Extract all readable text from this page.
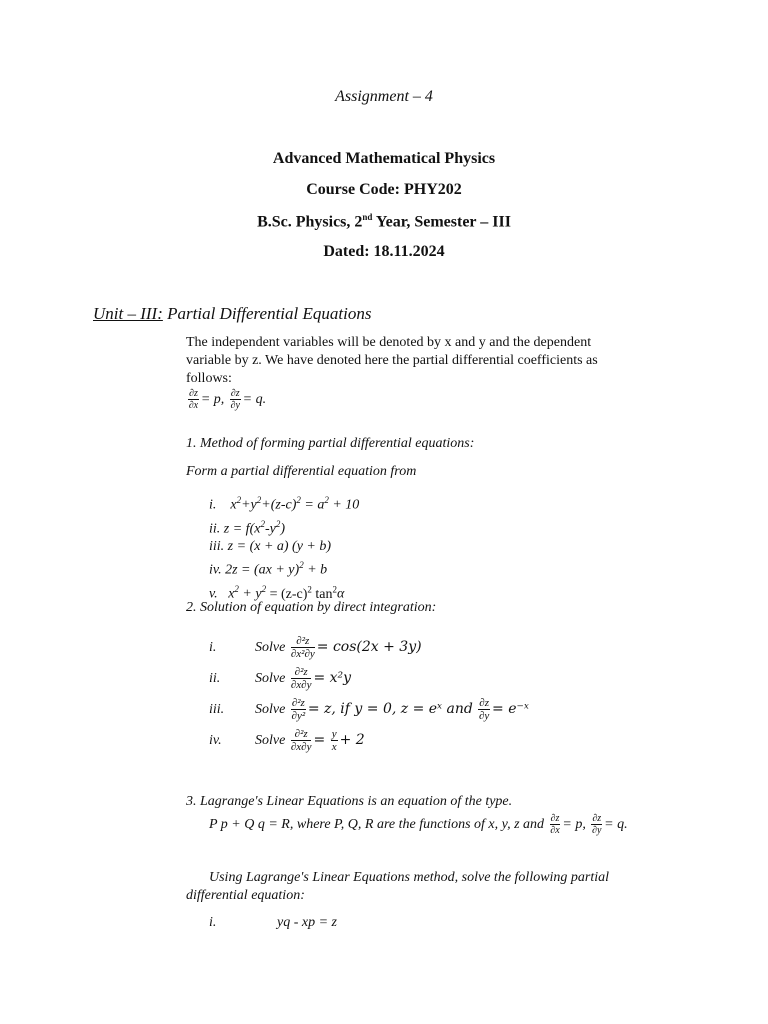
Assignment – 4
Advanced Mathematical Physics
Course Code: PHY202
B.Sc. Physics, 2nd Year, Semester – III
Dated: 18.11.2024
Unit – III: Partial Differential Equations
The independent variables will be denoted by x and y and the dependent
variable by z. We have denoted here the partial differential coefficients as
follows:
$\frac{\partial z}{\partial x} = p$, $\frac{\partial z}{\partial y} = q$.
1. Method of forming partial differential equations:
Form a partial differential equation from
i.    $x^2+y^2+(z-c)^2 = a^2 + 10$
ii. $z = f(x^2-y^2)$
iii. z = (x + a) (y + b)
iv. 2z = (ax + y)$^2$ + b
v.   $x^2 + y^2 = (z-c)^2$ $\tan^2\alpha$
2. Solution of equation by direct integration:
i.	Solve $\frac{\text{∂²z}}{\text{∂x²∂y}}$ = cos(2𝑥 + 3𝑦)
ii. Solve $\frac{\text{∂²z}}{\partial x\partial y}$ = 𝑥²𝑦
iii. Solve $\frac{\text{∂²z}}{\text{∂y²}}$ = 𝑧, 𝑖𝑓 𝑦 = 0, 𝑧 = 𝑒ˣ 𝑎𝑛𝑑 $\frac{\partial z}{\partial y}$ = 𝑒⁻ˣ
iv. Solve $\frac{\text{∂²z}}{\partial x\partial y} = \frac{y}{x} + 2$
3. Lagrange's Linear Equations is an equation of the type.
P p + Q q = R, where P, Q, R are the functions of x, y, z and $\frac{\partial z}{\partial x} = p$, $\frac{\partial z}{\partial y} = q$.
Using Lagrange's Linear Equations method, solve the following partial
differential equation:
i.	yq - xp = z
